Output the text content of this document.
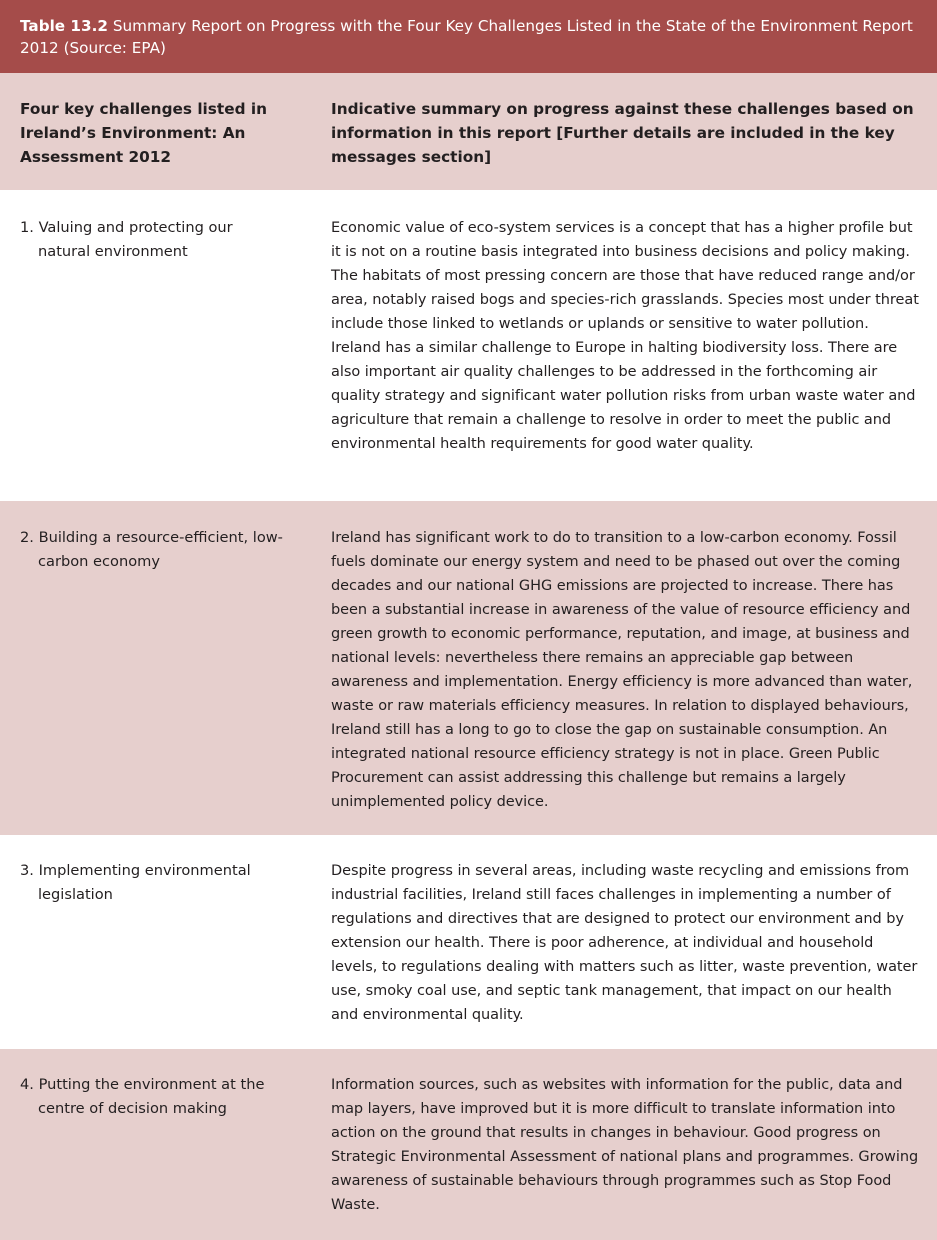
Table 13.2 Summary Report on Progress with the Four Key Challenges Listed in the State of the Environment Report 2012 (Source: EPA)

Four key challenges listed in Ireland’s Environment: An Assessment 2012

Indicative summary on progress against these challenges based on information in this report [Further details are included in the key messages section]

1. Valuing and protecting our natural environment

Economic value of eco-system services is a concept that has a higher profile but it is not on a routine basis integrated into business decisions and policy making. The habitats of most pressing concern are those that have reduced range and/or area, notably raised bogs and species-rich grasslands. Species most under threat include those linked to wetlands or uplands or sensitive to water pollution. Ireland has a similar challenge to Europe in halting biodiversity loss. There are also important air quality challenges to be addressed in the forthcoming air quality strategy and significant water pollution risks from urban waste water and agriculture that remain a challenge to resolve in order to meet the public and environmental health requirements for good water quality.

2. Building a resource-efficient, low-carbon economy

Ireland has significant work to do to transition to a low-carbon economy. Fossil fuels dominate our energy system and need to be phased out over the coming decades and our national GHG emissions are projected to increase. There has been a substantial increase in awareness of the value of resource efficiency and green growth to economic performance, reputation, and image, at business and national levels: nevertheless there remains an appreciable gap between awareness and implementation. Energy efficiency is more advanced than water, waste or raw materials efficiency measures. In relation to displayed behaviours, Ireland still has a long to go to close the gap on sustainable consumption. An integrated national resource efficiency strategy is not in place. Green Public Procurement can assist addressing this challenge but remains a largely unimplemented policy device.

3. Implementing environmental legislation

Despite progress in several areas, including waste recycling and emissions from industrial facilities, Ireland still faces challenges in implementing a number of regulations and directives that are designed to protect our environment and by extension our health. There is poor adherence, at individual and household levels, to regulations dealing with matters such as litter, waste prevention, water use, smoky coal use, and septic tank management, that impact on our health and environmental quality.

4. Putting the environment at the centre of decision making

Information sources, such as websites with information for the public, data and map layers, have improved but it is more difficult to translate information into action on the ground that results in changes in behaviour. Good progress on Strategic Environmental Assessment of national plans and programmes. Growing awareness of sustainable behaviours through programmes such as Stop Food Waste.
